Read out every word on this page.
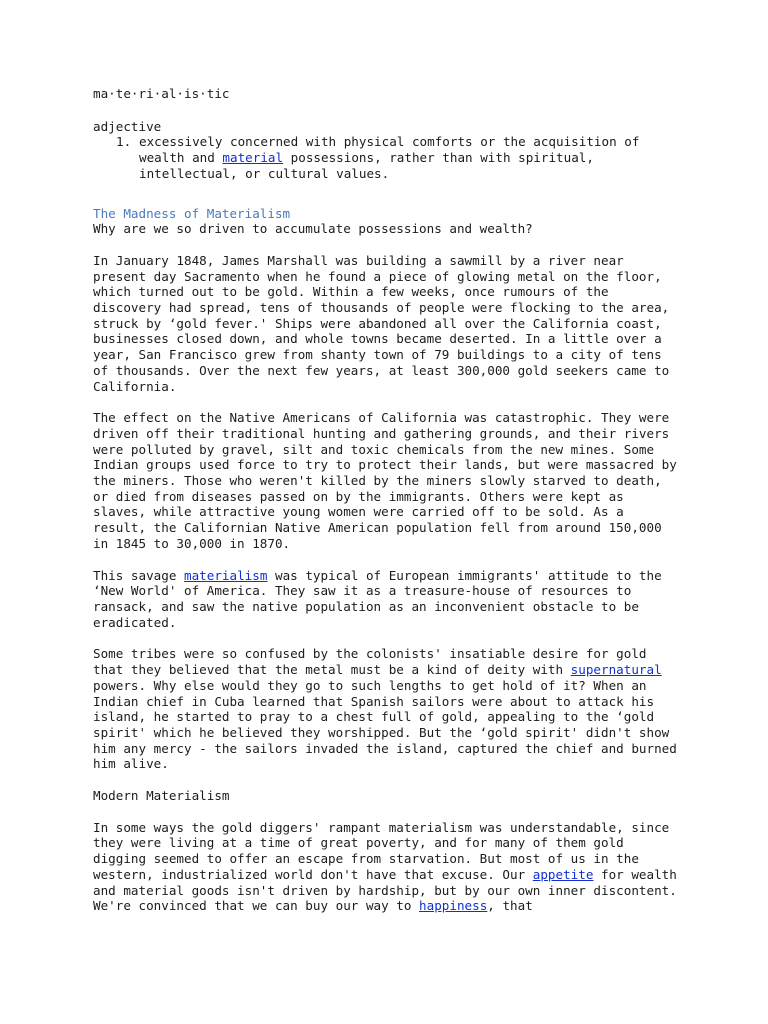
ma·te·ri·al·is·tic
adjective
1. excessively concerned with physical comforts or the acquisition of wealth and material possessions, rather than with spiritual, intellectual, or cultural values.
The Madness of Materialism
Why are we so driven to accumulate possessions and wealth?

In January 1848, James Marshall was building a sawmill by a river near present day Sacramento when he found a piece of glowing metal on the floor, which turned out to be gold. Within a few weeks, once rumours of the discovery had spread, tens of thousands of people were flocking to the area, struck by ‘gold fever.' Ships were abandoned all over the California coast, businesses closed down, and whole towns became deserted. In a little over a year, San Francisco grew from shanty town of 79 buildings to a city of tens of thousands. Over the next few years, at least 300,000 gold seekers came to California.

The effect on the Native Americans of California was catastrophic. They were driven off their traditional hunting and gathering grounds, and their rivers were polluted by gravel, silt and toxic chemicals from the new mines. Some Indian groups used force to try to protect their lands, but were massacred by the miners. Those who weren't killed by the miners slowly starved to death, or died from diseases passed on by the immigrants. Others were kept as slaves, while attractive young women were carried off to be sold. As a result, the Californian Native American population fell from around 150,000 in 1845 to 30,000 in 1870.

This savage materialism was typical of European immigrants' attitude to the ‘New World' of America. They saw it as a treasure-house of resources to ransack, and saw the native population as an inconvenient obstacle to be eradicated.

Some tribes were so confused by the colonists' insatiable desire for gold that they believed that the metal must be a kind of deity with supernatural powers. Why else would they go to such lengths to get hold of it? When an Indian chief in Cuba learned that Spanish sailors were about to attack his island, he started to pray to a chest full of gold, appealing to the ‘gold spirit' which he believed they worshipped. But the ‘gold spirit' didn't show him any mercy - the sailors invaded the island, captured the chief and burned him alive.

Modern Materialism

In some ways the gold diggers' rampant materialism was understandable, since they were living at a time of great poverty, and for many of them gold digging seemed to offer an escape from starvation. But most of us in the western, industrialized world don't have that excuse. Our appetite for wealth and material goods isn't driven by hardship, but by our own inner discontent. We're convinced that we can buy our way to happiness, that
